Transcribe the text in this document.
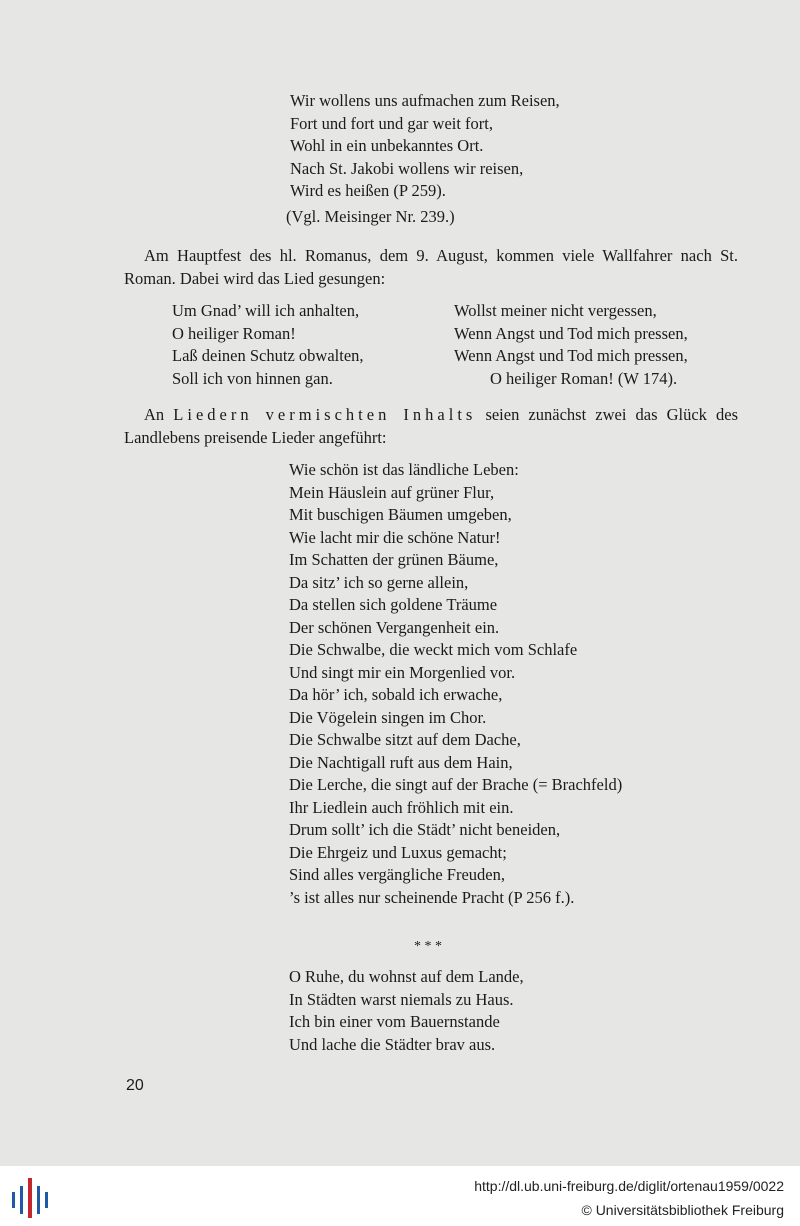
Wir wollens uns aufmachen zum Reisen,
Fort und fort und gar weit fort,
Wohl in ein unbekanntes Ort.
Nach St. Jakobi wollens wir reisen,
Wird es heißen (P 259).
(Vgl. Meisinger Nr. 239.)
Am Hauptfest des hl. Romanus, dem 9. August, kommen viele Wallfahrer nach St. Roman. Dabei wird das Lied gesungen:
Um Gnad’ will ich anhalten,
O heiliger Roman!
Laß deinen Schutz obwalten,
Soll ich von hinnen gan.
Wollst meiner nicht vergessen,
Wenn Angst und Tod mich pressen,
Wenn Angst und Tod mich pressen,
O heiliger Roman! (W 174).
An Liedern vermischten Inhalts seien zunächst zwei das Glück des Landlebens preisende Lieder angeführt:
Wie schön ist das ländliche Leben:
Mein Häuslein auf grüner Flur,
Mit buschigen Bäumen umgeben,
Wie lacht mir die schöne Natur!
Im Schatten der grünen Bäume,
Da sitz’ ich so gerne allein,
Da stellen sich goldene Träume
Der schönen Vergangenheit ein.
Die Schwalbe, die weckt mich vom Schlafe
Und singt mir ein Morgenlied vor.
Da hör’ ich, sobald ich erwache,
Die Vögelein singen im Chor.
Die Schwalbe sitzt auf dem Dache,
Die Nachtigall ruft aus dem Hain,
Die Lerche, die singt auf der Brache (= Brachfeld)
Ihr Liedlein auch fröhlich mit ein.
Drum sollt’ ich die Städt’ nicht beneiden,
Die Ehrgeiz und Luxus gemacht;
Sind alles vergängliche Freuden,
’s ist alles nur scheinende Pracht (P 256 f.).
* * *
O Ruhe, du wohnst auf dem Lande,
In Städten warst niemals zu Haus.
Ich bin einer vom Bauernstande
Und lache die Städter brav aus.
20
http://dl.ub.uni-freiburg.de/diglit/ortenau1959/0022
© Universitätsbibliothek Freiburg
